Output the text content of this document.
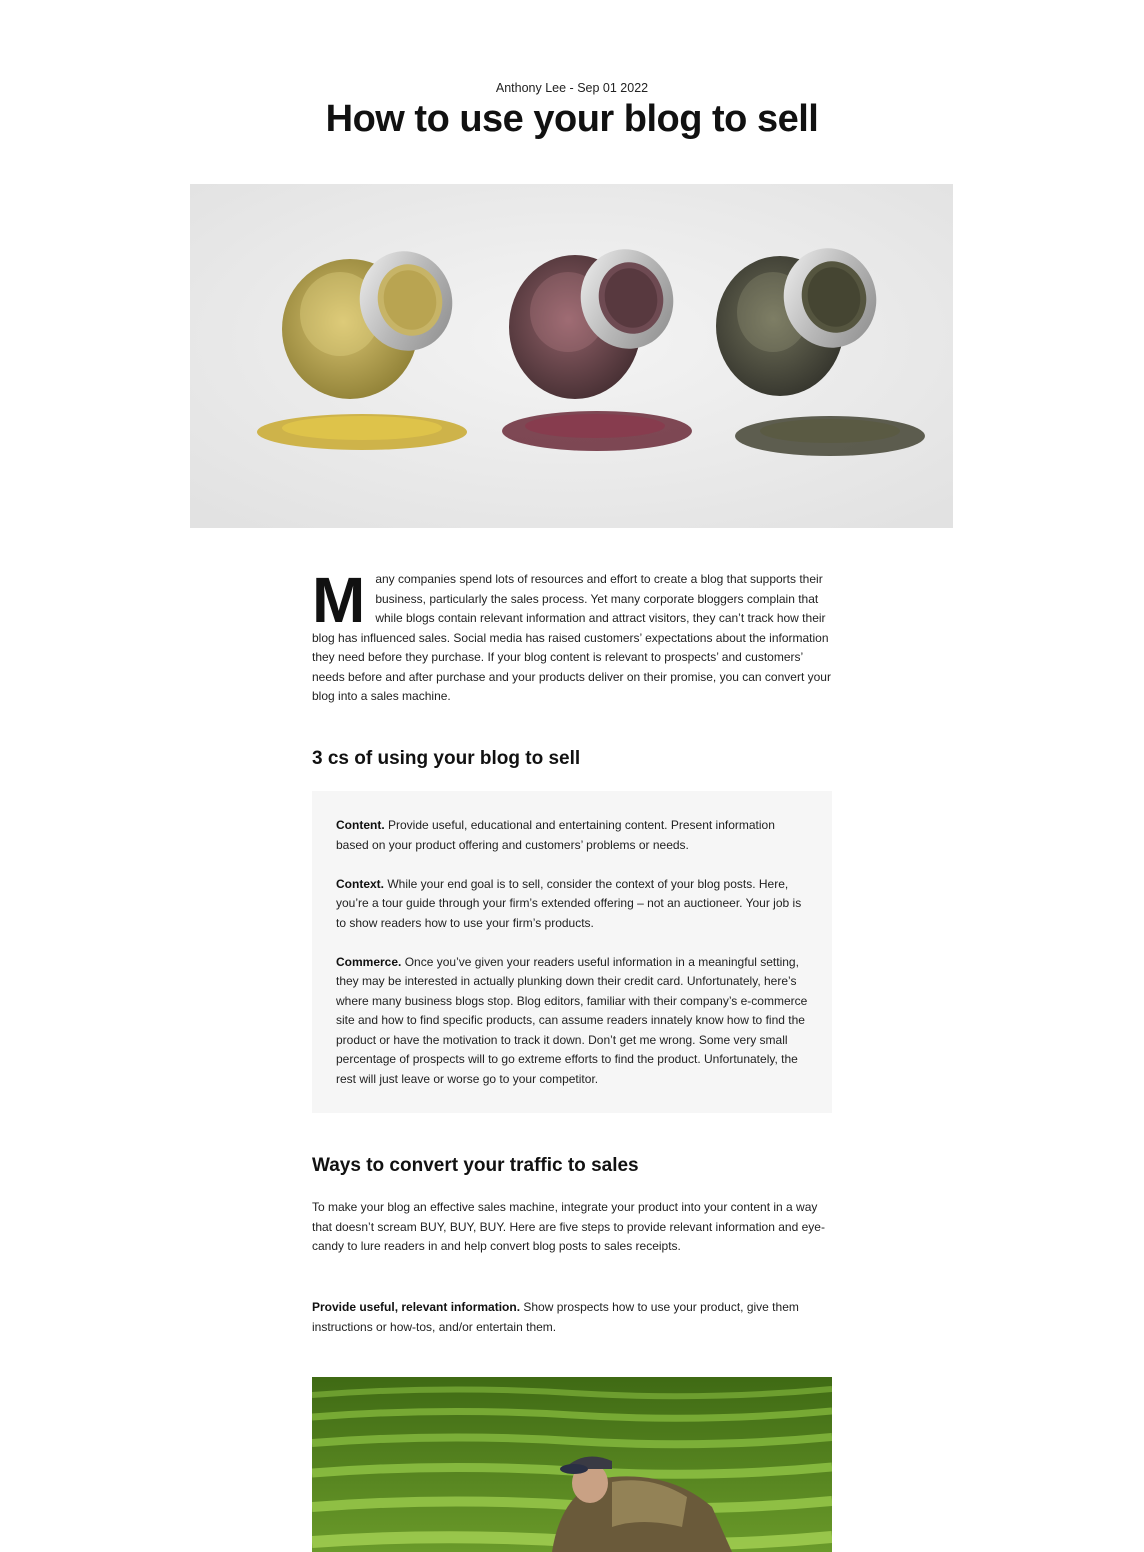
Anthony Lee - Sep 01 2022
How to use your blog to sell
M any companies spend lots of resources and effort to create a blog that supports their business, particularly the sales process. Yet many corporate bloggers complain that while blogs contain relevant information and attract visitors, they can’t track how their blog has influenced sales. Social media has raised customers’ expectations about the information they need before they purchase. If your blog content is relevant to prospects’ and customers’ needs before and after purchase and your products deliver on their promise, you can convert your blog into a sales machine.

3 cs of using your blog to sell

Content. Provide useful, educational and entertaining content. Present information based on your product offering and customers’ problems or needs.

Context. While your end goal is to sell, consider the context of your blog posts. Here, you’re a tour guide through your firm’s extended offering – not an auctioneer. Your job is to show readers how to use your firm’s products.

Commerce. Once you’ve given your readers useful information in a meaningful setting, they may be interested in actually plunking down their credit card. Unfortunately, here’s where many business blogs stop. Blog editors, familiar with their company’s e-commerce site and how to find specific products, can assume readers innately know how to find the product or have the motivation to track it down. Don’t get me wrong. Some very small percentage of prospects will to go extreme efforts to find the product. Unfortunately, the rest will just leave or worse go to your competitor.

Ways to convert your traffic to sales

To make your blog an effective sales machine, integrate your product into your content in a way that doesn’t scream BUY, BUY, BUY. Here are five steps to provide relevant information and eye-candy to lure readers in and help convert blog posts to sales receipts.

Provide useful, relevant information. Show prospects how to use your product, give them instructions or how-tos, and/or entertain them.
